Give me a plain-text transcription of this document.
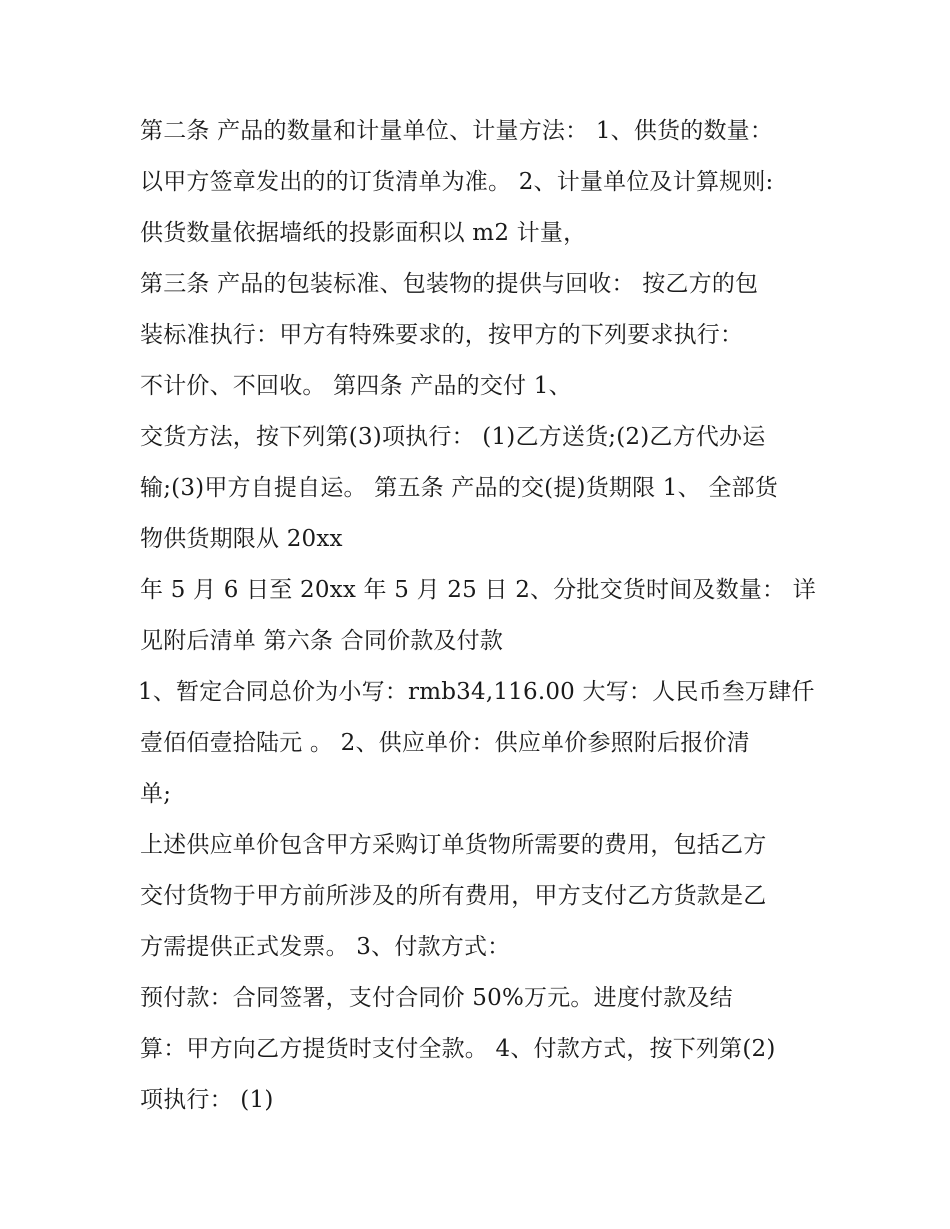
第二条 产品的数量和计量单位、计量方法： 1、供货的数量：
以甲方签章发出的的订货清单为准。 2、计量单位及计算规则:
供货数量依据墙纸的投影面积以 m2 计量，
第三条 产品的包装标准、包装物的提供与回收： 按乙方的包
装标准执行：甲方有特殊要求的，按甲方的下列要求执行：
不计价、不回收。 第四条 产品的交付 1、
交货方法，按下列第(3)项执行： (1)乙方送货;(2)乙方代办运
输;(3)甲方自提自运。 第五条 产品的交(提)货期限 1、 全部货
物供货期限从 20xx
年 5 月 6 日至 20xx 年 5 月 25 日 2、分批交货时间及数量： 详
见附后清单 第六条 合同价款及付款
1、暂定合同总价为小写：rmb34,116.00 大写：人民币叁万肆仟
壹佰佰壹拾陆元 。 2、供应单价：供应单价参照附后报价清
单;
上述供应单价包含甲方采购订单货物所需要的费用，包括乙方
交付货物于甲方前所涉及的所有费用，甲方支付乙方货款是乙
方需提供正式发票。 3、付款方式：
预付款：合同签署，支付合同价 50%万元。进度付款及结
算：甲方向乙方提货时支付全款。 4、付款方式，按下列第(2)
项执行： (1)
